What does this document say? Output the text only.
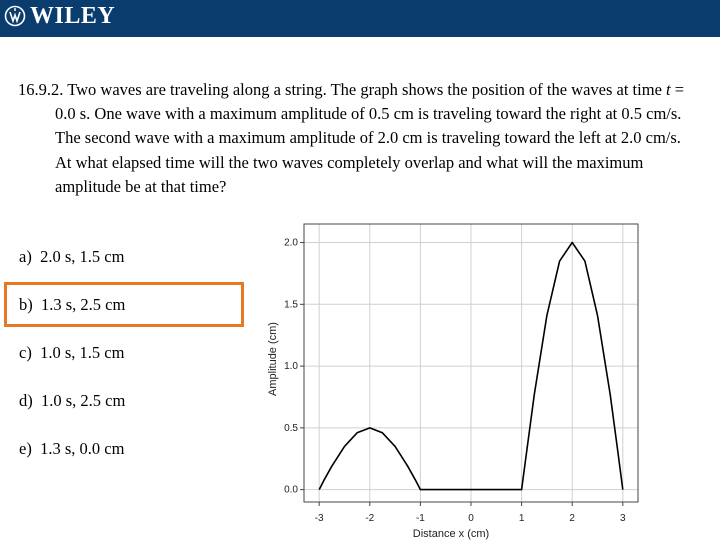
WILEY
16.9.2. Two waves are traveling along a string. The graph shows the position of the waves at time t = 0.0 s. One wave with a maximum amplitude of 0.5 cm is traveling toward the right at 0.5 cm/s. The second wave with a maximum amplitude of 2.0 cm is traveling toward the left at 2.0 cm/s. At what elapsed time will the two waves completely overlap and what will the maximum amplitude be at that time?
a) 2.0 s, 1.5 cm
b) 1.3 s, 2.5 cm
c) 1.0 s, 1.5 cm
d) 1.0 s, 2.5 cm
e) 1.3 s, 0.0 cm
-3	-2	-1	0	1	2	3
0.0
0.5
1.0
1.5
2.0
Distance x (cm)
Amplitude (cm)
